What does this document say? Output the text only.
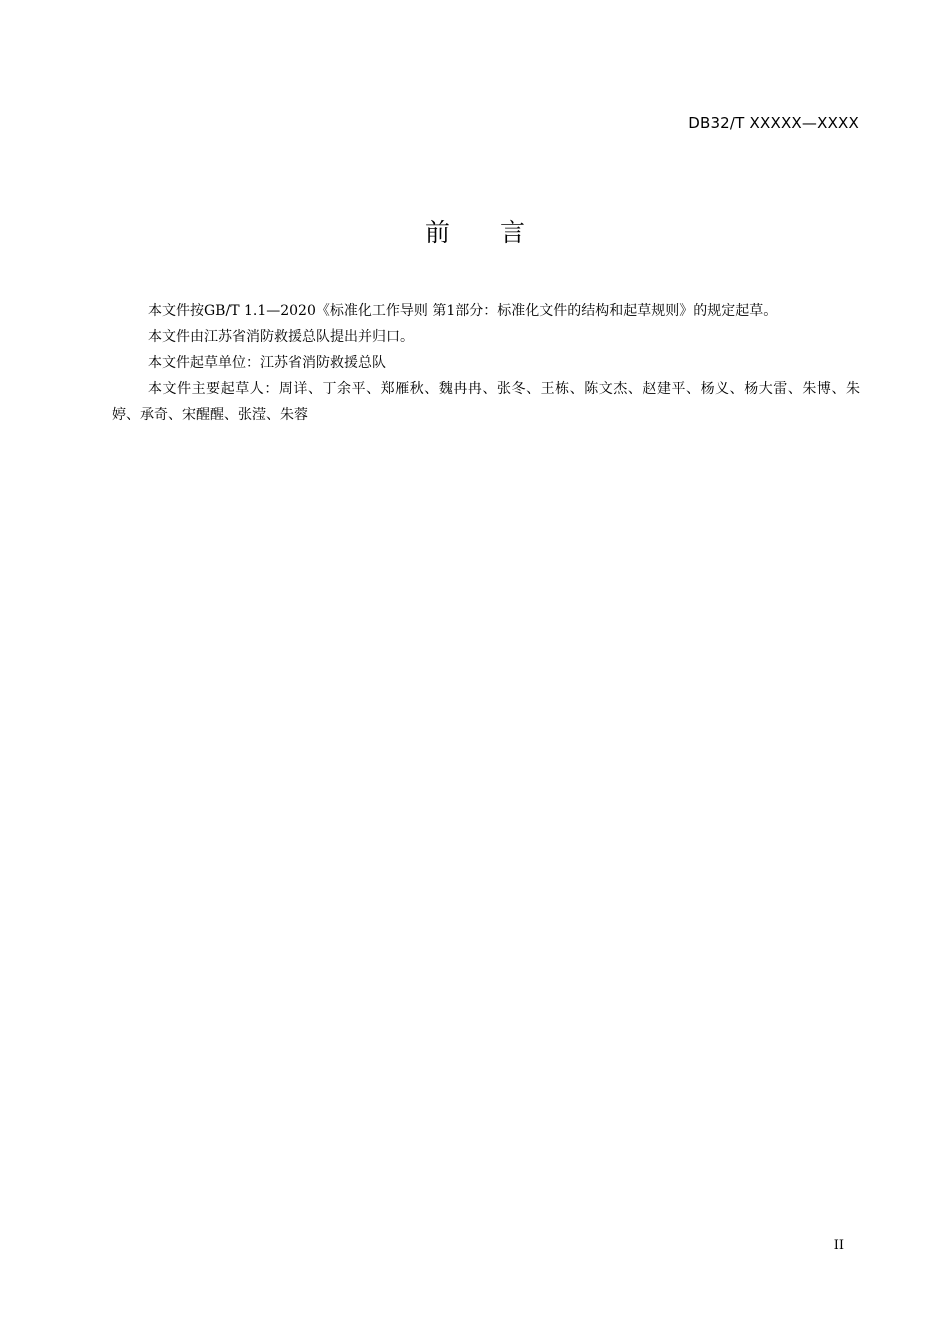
DB32/T XXXXX—XXXX
前言

本文件按GB/T 1.1—2020《标准化工作导则 第1部分：标准化文件的结构和起草规则》的规定起草。

本文件由江苏省消防救援总队提出并归口。

本文件起草单位：江苏省消防救援总队

本文件主要起草人：周详、丁余平、郑雁秋、魏冉冉、张冬、王栋、陈文杰、赵建平、杨义、杨大雷、朱博、朱婷、承奇、宋醒醒、张滢、朱蓉

II
